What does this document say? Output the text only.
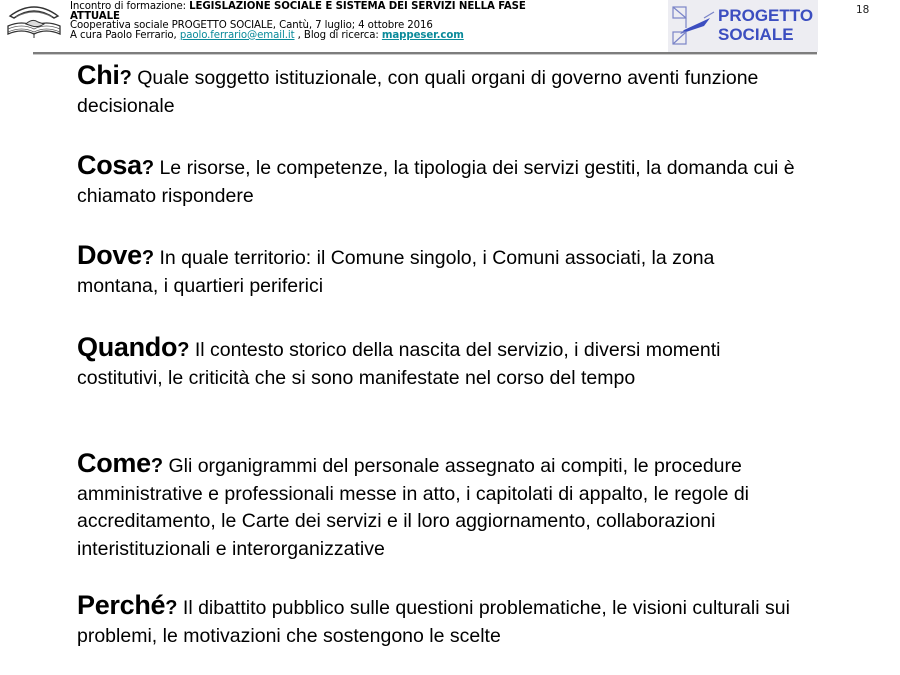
Incontro di formazione: LEGISLAZIONE SOCIALE E SISTEMA DEI SERVIZI NELLA FASE
ATTUALE
Cooperativa sociale PROGETTO SOCIALE, Cantù, 7 luglio; 4 ottobre 2016
A cura Paolo Ferrario, paolo.ferrario@email.it , Blog di ricerca: mappeser.com
PROGETTO
SOCIALE
18
Chi? Quale soggetto istituzionale, con quali organi di governo aventi funzione decisionale
Cosa? Le risorse, le competenze, la tipologia dei servizi gestiti, la domanda cui è chiamato rispondere
Dove? In quale territorio: il Comune singolo, i Comuni associati, la zona montana, i quartieri periferici
Quando? Il contesto storico della nascita del servizio, i diversi momenti costitutivi, le criticità che si sono manifestate nel corso del tempo
Come? Gli organigrammi del personale assegnato ai compiti, le procedure amministrative e professionali messe in atto, i capitolati di appalto, le regole di accreditamento, le Carte dei servizi e il loro aggiornamento, collaborazioni interistituzionali e interorganizzative
Perché? Il dibattito pubblico sulle questioni problematiche, le visioni culturali sui problemi, le motivazioni che sostengono le scelte
